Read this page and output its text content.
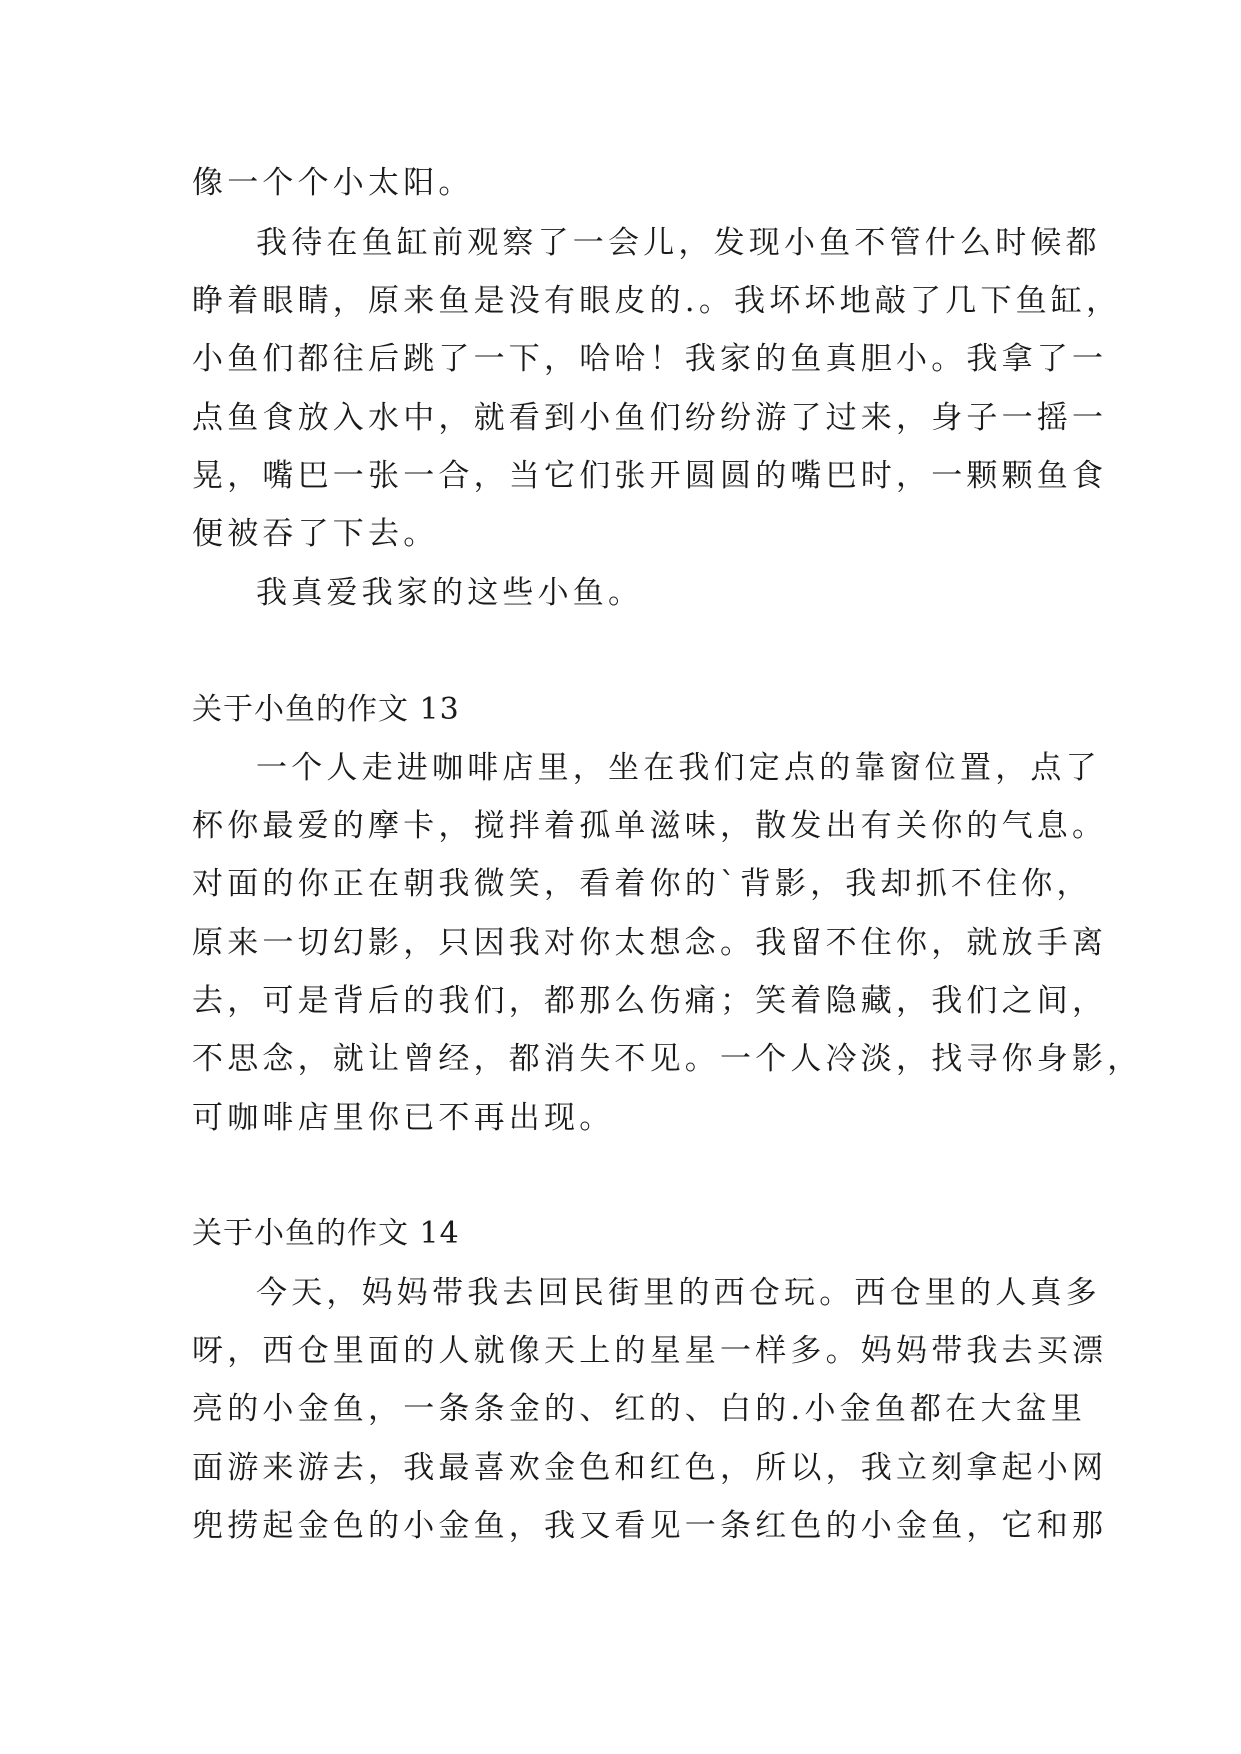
像一个个小太阳。
我待在鱼缸前观察了一会儿，发现小鱼不管什么时候都
睁着眼睛，原来鱼是没有眼皮的.。我坏坏地敲了几下鱼缸，
小鱼们都往后跳了一下，哈哈！我家的鱼真胆小。我拿了一
点鱼食放入水中，就看到小鱼们纷纷游了过来，身子一摇一
晃，嘴巴一张一合，当它们张开圆圆的嘴巴时，一颗颗鱼食
便被吞了下去。
我真爱我家的这些小鱼。
关于小鱼的作文 13
一个人走进咖啡店里，坐在我们定点的靠窗位置，点了
杯你最爱的摩卡，搅拌着孤单滋味，散发出有关你的气息。
对面的你正在朝我微笑，看着你的`背影，我却抓不住你，
原来一切幻影，只因我对你太想念。我留不住你，就放手离
去，可是背后的我们，都那么伤痛；笑着隐藏，我们之间，
不思念，就让曾经，都消失不见。一个人冷淡，找寻你身影，
可咖啡店里你已不再出现。
关于小鱼的作文 14
今天，妈妈带我去回民街里的西仓玩。西仓里的人真多
呀，西仓里面的人就像天上的星星一样多。妈妈带我去买漂
亮的小金鱼，一条条金的、红的、白的.小金鱼都在大盆里
面游来游去，我最喜欢金色和红色，所以，我立刻拿起小网
兜捞起金色的小金鱼，我又看见一条红色的小金鱼，它和那
